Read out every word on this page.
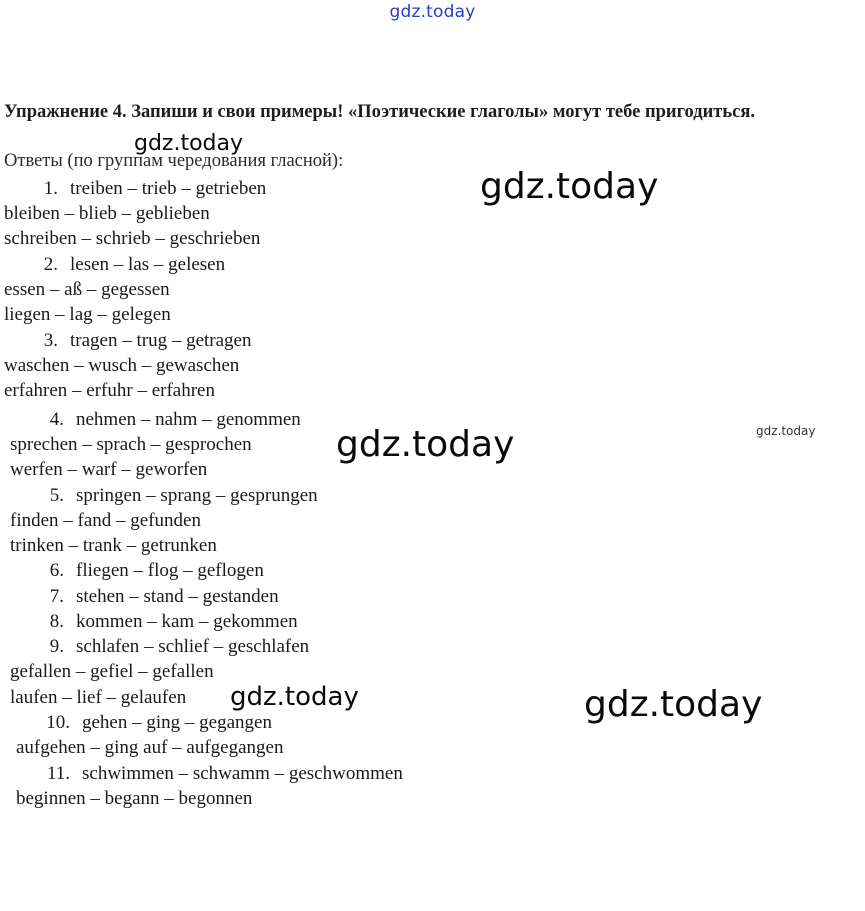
gdz.today
Упражнение 4. Запиши и свои примеры! «Поэтические глаголы» могут тебе пригодиться.
Ответы (по группам чередования гласной):
1. treiben – trieb – getrieben
bleiben – blieb – geblieben
schreiben – schrieb – geschrieben
2. lesen – las – gelesen
essen – aß – gegessen
liegen – lag – gelegen
3. tragen – trug – getragen
waschen – wusch – gewaschen
erfahren – erfuhr – erfahren
4. nehmen – nahm – genommen
sprechen – sprach – gesprochen
werfen – warf – geworfen
5. springen – sprang – gesprungen
finden – fand – gefunden
trinken – trank – getrunken
6. fliegen – flog – geflogen
7. stehen – stand – gestanden
8. kommen – kam – gekommen
9. schlafen – schlief – geschlafen
gefallen – gefiel – gefallen
laufen – lief – gelaufen
10. gehen – ging – gegangen
aufgehen – ging auf – aufgegangen
11. schwimmen – schwamm – geschwommen
beginnen – begann – begonnen
gdz.today
gdz.today
gdz.today	gdz.today
gdz.today	gdz.today
